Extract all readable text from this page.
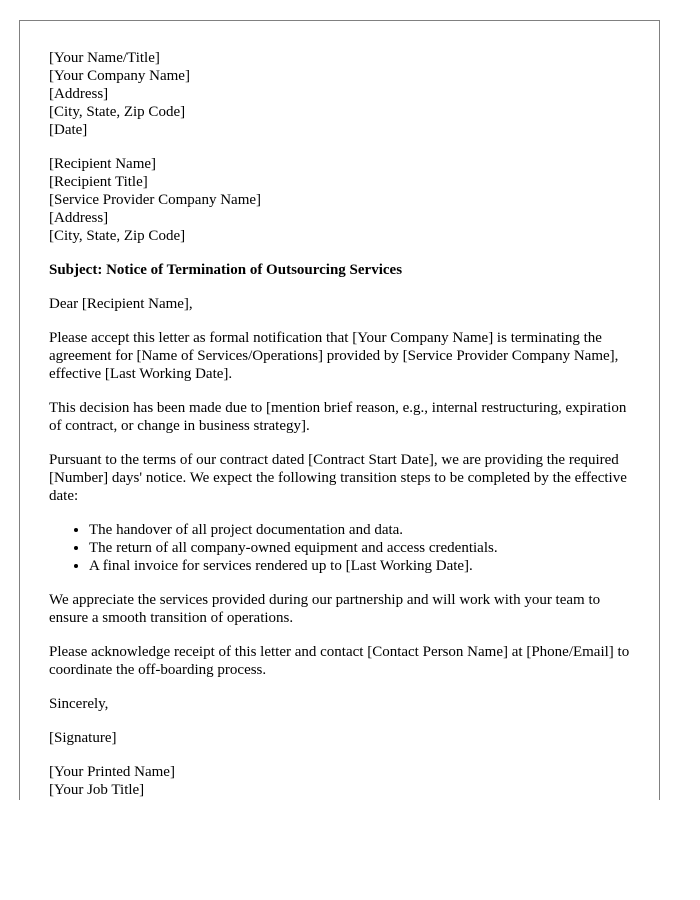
[Your Name/Title]
[Your Company Name]
[Address]
[City, State, Zip Code]
[Date]
[Recipient Name]
[Recipient Title]
[Service Provider Company Name]
[Address]
[City, State, Zip Code]
Subject: Notice of Termination of Outsourcing Services

Dear [Recipient Name],

Please accept this letter as formal notification that [Your Company Name] is terminating the agreement for [Name of Services/Operations] provided by [Service Provider Company Name], effective [Last Working Date].

This decision has been made due to [mention brief reason, e.g., internal restructuring, expiration of contract, or change in business strategy].

Pursuant to the terms of our contract dated [Contract Start Date], we are providing the required [Number] days' notice. We expect the following transition steps to be completed by the effective date:

• The handover of all project documentation and data.
• The return of all company-owned equipment and access credentials.
• A final invoice for services rendered up to [Last Working Date].

We appreciate the services provided during our partnership and will work with your team to ensure a smooth transition of operations.

Please acknowledge receipt of this letter and contact [Contact Person Name] at [Phone/Email] to coordinate the off-boarding process.

Sincerely,

[Signature]

[Your Printed Name]
[Your Job Title]
